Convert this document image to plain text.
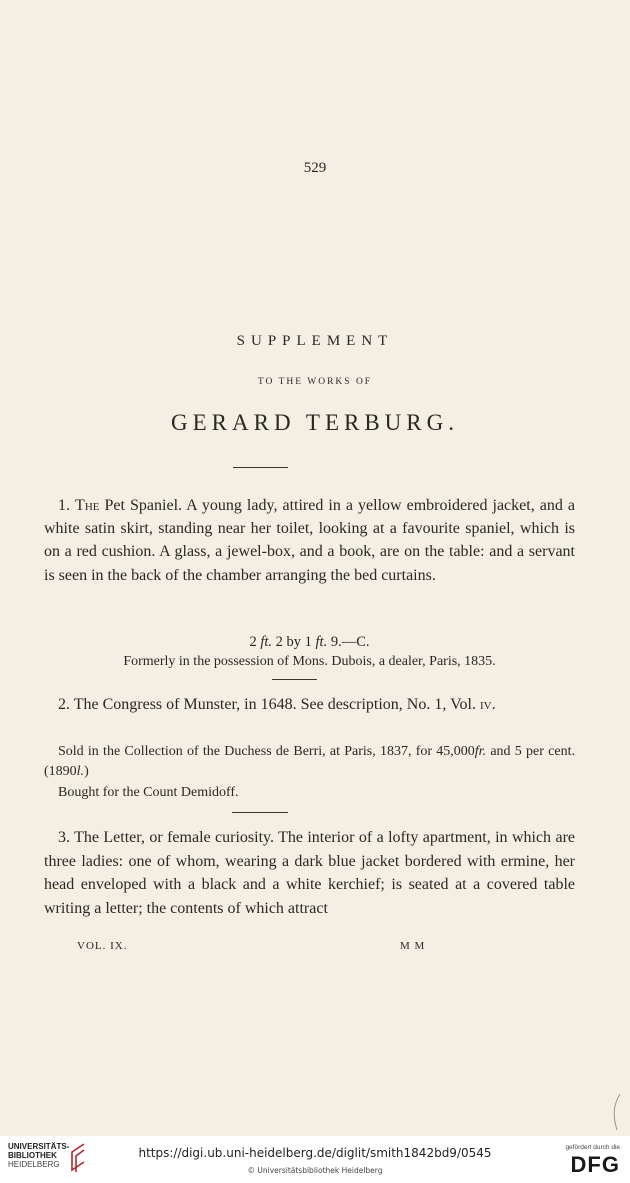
529
SUPPLEMENT
TO THE WORKS OF
GERARD TERBURG.
1. The Pet Spaniel. A young lady, attired in a yellow embroidered jacket, and a white satin skirt, standing near her toilet, looking at a favourite spaniel, which is on a red cushion. A glass, a jewel-box, and a book, are on the table: and a servant is seen in the back of the chamber arranging the bed curtains.
2 ft. 2 by 1 ft. 9.—C.
Formerly in the possession of Mons. Dubois, a dealer, Paris, 1835.
2. The Congress of Munster, in 1648. See description, No. 1, Vol. iv.
Sold in the Collection of the Duchess de Berri, at Paris, 1837, for 45,000fr. and 5 per cent. (1890l.)
Bought for the Count Demidoff.
3. The Letter, or female curiosity. The interior of a lofty apartment, in which are three ladies: one of whom, wearing a dark blue jacket bordered with ermine, her head enveloped with a black and a white kerchief; is seated at a covered table writing a letter; the contents of which attract
VOL. IX.	M M
UNIVERSITÄTS-
BIBLIOTHEK
HEIDELBERG
https://digi.ub.uni-heidelberg.de/diglit/smith1842bd9/0545
© Universitätsbibliothek Heidelberg
gefördert durch die
DFG
